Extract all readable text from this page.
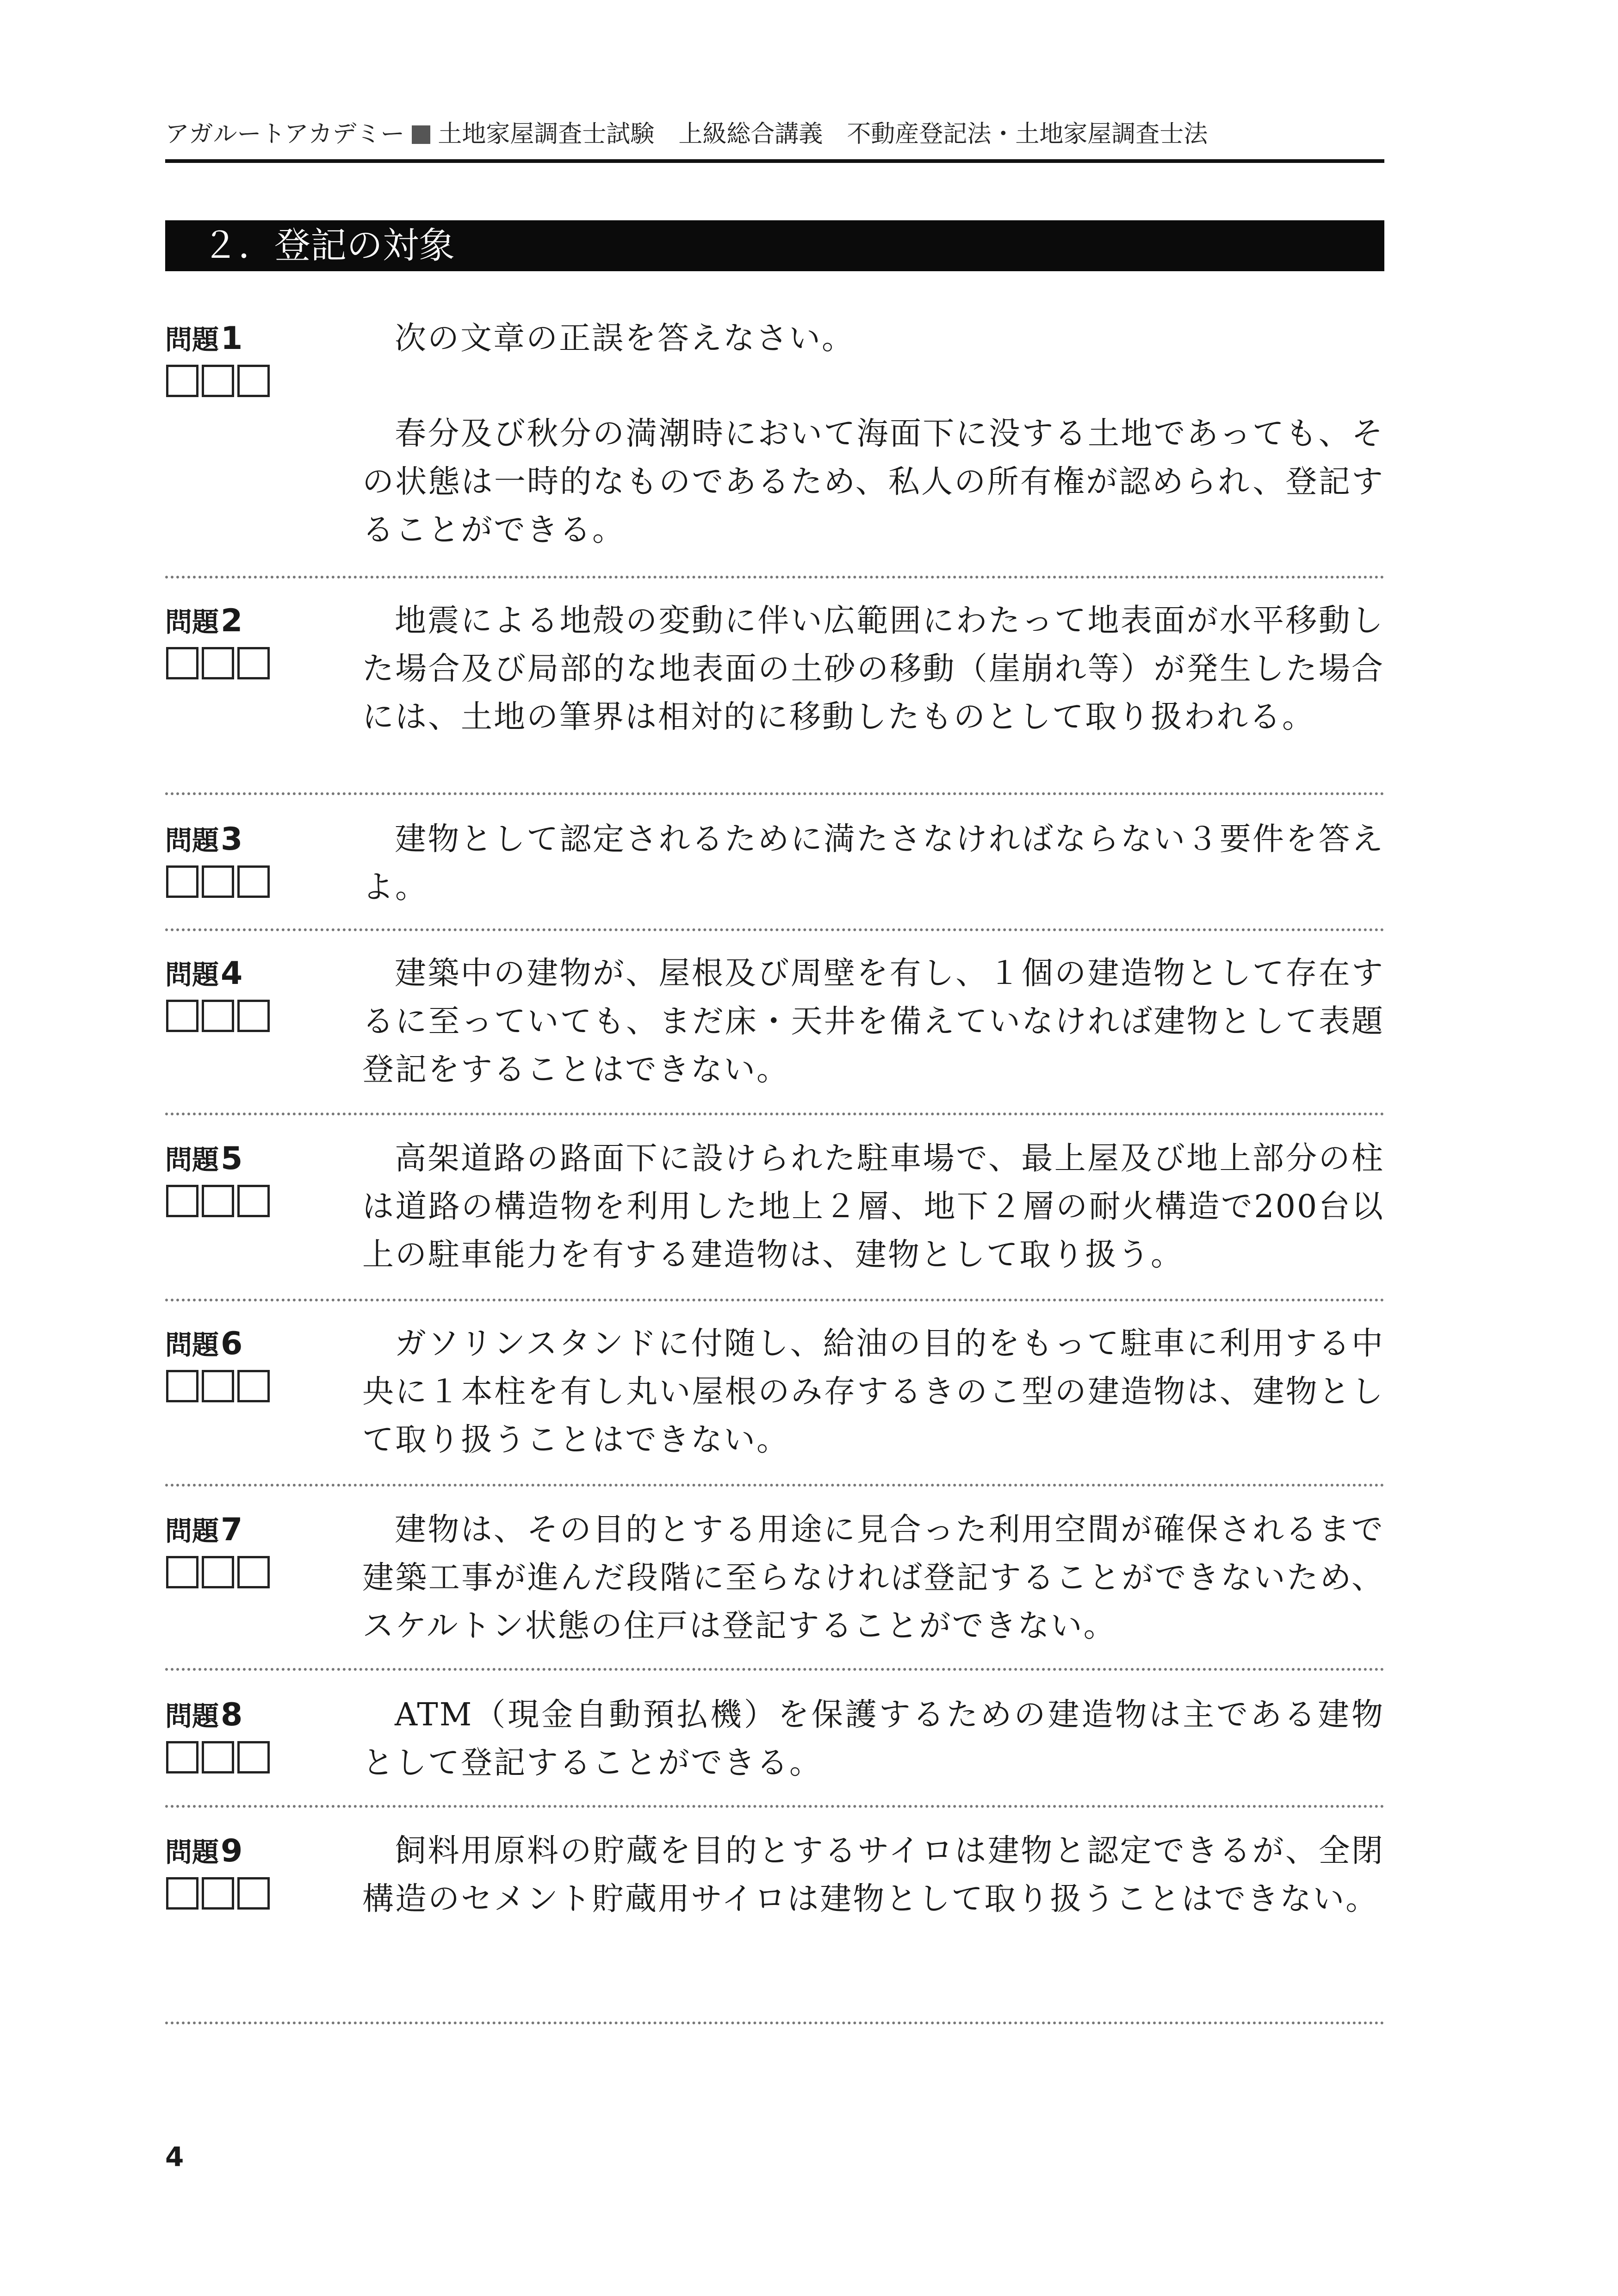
アガルートアカデミー 土地家屋調査士試験　上級総合講義　不動産登記法・土地家屋調査士法
２．登記の対象
問題1	次の文章の正誤を答えなさい。

春分及び秋分の満潮時において海面下に没する土地であっても、その状態は一時的なものであるため、私人の所有権が認められ、登記することができる。

問題2	地震による地殻の変動に伴い広範囲にわたって地表面が水平移動した場合及び局部的な地表面の土砂の移動（崖崩れ等）が発生した場合には、土地の筆界は相対的に移動したものとして取り扱われる。

問題3	建物として認定されるために満たさなければならない３要件を答えよ。

問題4	建築中の建物が、屋根及び周壁を有し、１個の建造物として存在するに至っていても、まだ床・天井を備えていなければ建物として表題登記をすることはできない。

問題5	高架道路の路面下に設けられた駐車場で、最上屋及び地上部分の柱は道路の構造物を利用した地上２層、地下２層の耐火構造で200台以上の駐車能力を有する建造物は、建物として取り扱う。

問題6	ガソリンスタンドに付随し、給油の目的をもって駐車に利用する中央に１本柱を有し丸い屋根のみ存するきのこ型の建造物は、建物として取り扱うことはできない。

問題7	建物は、その目的とする用途に見合った利用空間が確保されるまで建築工事が進んだ段階に至らなければ登記することができないため、スケルトン状態の住戸は登記することができない。

問題8	ATM（現金自動預払機）を保護するための建造物は主である建物として登記することができる。

問題9	飼料用原料の貯蔵を目的とするサイロは建物と認定できるが、全閉構造のセメント貯蔵用サイロは建物として取り扱うことはできない。

4
